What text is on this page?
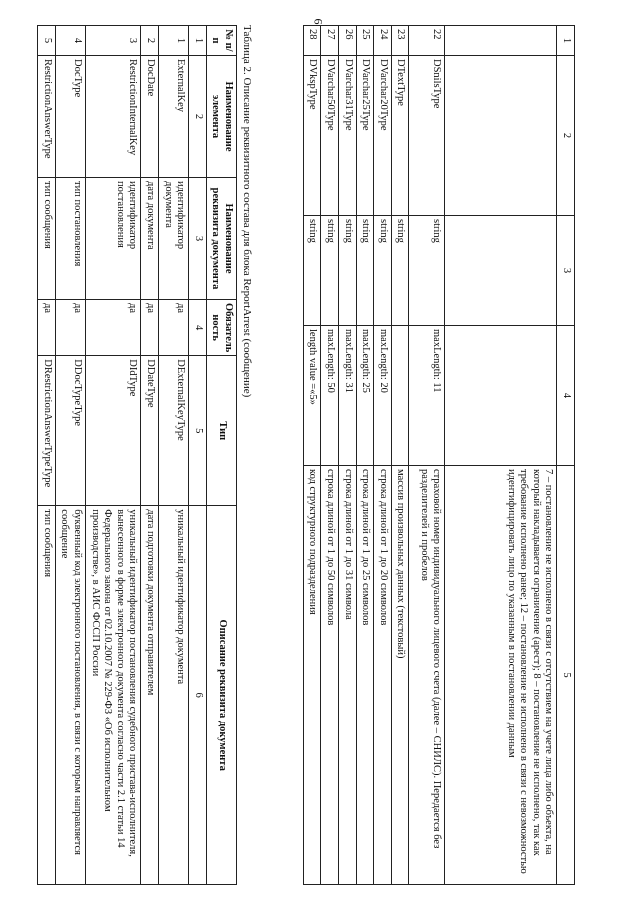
6
1	2	3	4	5
				7 – постановление не исполнено в связи с отсутствием на учете лица либо объекта, на который накладывается ограничение (арест); 8 – постановление не исполнено, так как требование исполнено ранее; 12 – постановление не исполнено в связи с невозможностью идентифицировать лицо по указанным в постановлении данным
22	DSnilsType	string	maxLength: 11	страховой номер индивидуального лицевого счета (далее – СНИЛС). Передается без разделителей и пробелов
23	DTextType	string		массив произвольных данных (текстовый)
24	DVarchar20Type	string	maxLength: 20	строка длиной от 1 до 20 символов
25	DVarchar25Type	string	maxLength: 25	строка длиной от 1 до 25 символов
26	DVarchar31Type	string	maxLength: 31	строка длиной от 1 до 31 символа
27	DVarchar50Type	string	maxLength: 50	строка длиной от 1 до 50 символов
28	DVkspType	string	length value =«5»	код структурного подразделения
Таблица 2. Описание реквизитного состава для блока ReportArrest (сообщение)
№ п/п	Наименование элемента	Наименование реквизита документа	Обязатель ность	Тип	Описание реквизита документа
1	2	3	4	5	6
1	ExternalKey	идентификатор документа	да	DExternalKeyType	уникальный идентификатор документа
2	DocDate	дата документа	да	DDateType	дата подготовки документа отправителем
3	RestrictionInternalKey	идентификатор постановления	да	DIdType	уникальный идентификатор постановления судебного пристава-исполнителя, вынесенного в форме электронного документа согласно части 2.1 статьи 14 Федерального закона от 02.10.2007 № 229-ФЗ «Об исполнительном производстве», в АИС ФССП России
4	DocType	тип постановления	да	DDocTypeType	буквенный код электронного постановления, в связи с которым направляется сообщение
5	RestrictionAnswerType	тип сообщения	да	DRestrictionAnswerTypeType	тип сообщения
